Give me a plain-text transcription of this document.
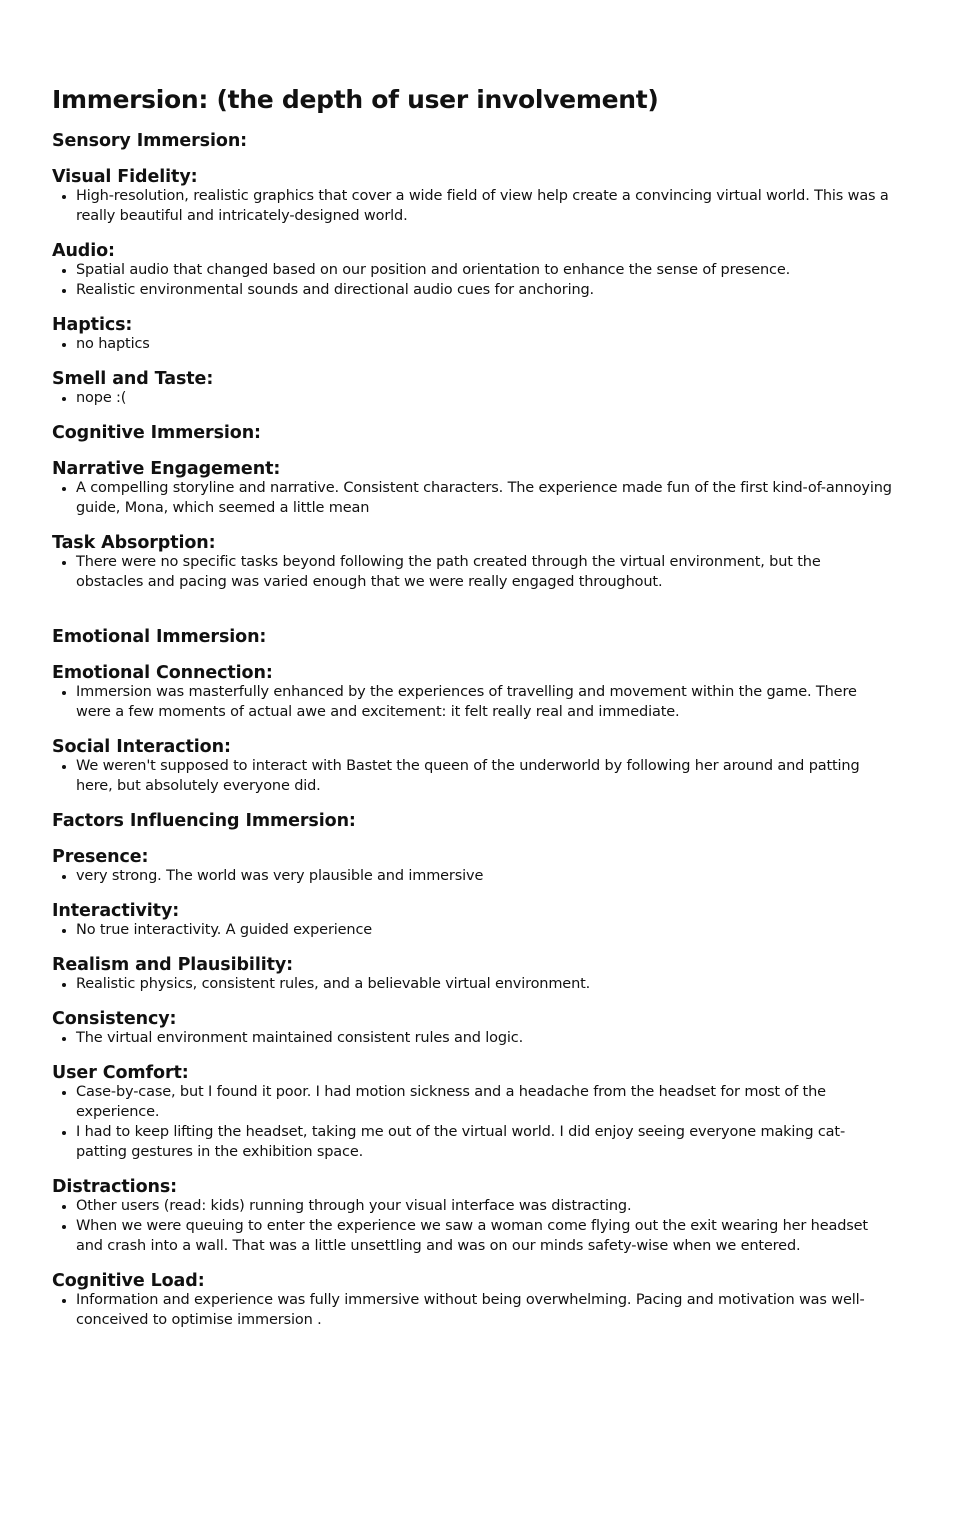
Immersion: (the depth of user involvement)
Sensory Immersion:
Visual Fidelity:
• High-resolution, realistic graphics that cover a wide field of view help create a convincing virtual world. This was a really beautiful and intricately-designed world.
Audio:
• Spatial audio that changed based on our position and orientation to enhance the sense of presence.
• Realistic environmental sounds and directional audio cues for anchoring.
Haptics:
• no haptics
Smell and Taste:
• nope :(
Cognitive Immersion:
Narrative Engagement:
• A compelling storyline and narrative. Consistent characters. The experience made fun of the first kind-of-annoying guide, Mona, which seemed a little mean
Task Absorption:
• There were no specific tasks beyond following the path created through the virtual environment, but the obstacles and pacing was varied enough that we were really engaged throughout.
Emotional Immersion:
Emotional Connection:
• Immersion was masterfully enhanced by the experiences of travelling and movement within the game. There were a few moments of actual awe and excitement: it felt really real and immediate.
Social Interaction:
• We weren't supposed to interact with Bastet the queen of the underworld by following her around and patting here, but absolutely everyone did.
Factors Influencing Immersion:
Presence:
• very strong. The world was very plausible and immersive
Interactivity:
• No true interactivity. A guided experience
Realism and Plausibility:
• Realistic physics, consistent rules, and a believable virtual environment.
Consistency:
• The virtual environment maintained consistent rules and logic.
User Comfort:
• Case-by-case, but I found it poor. I had motion sickness and a headache from the headset for most of the experience.
• I had to keep lifting the headset, taking me out of the virtual world. I did enjoy seeing everyone making cat-patting gestures in the exhibition space.
Distractions:
• Other users (read: kids) running through your visual interface was distracting.
• When we were queuing to enter the experience we saw a woman come flying out the exit wearing her headset and crash into a wall. That was a little unsettling and was on our minds safety-wise when we entered.
Cognitive Load:
• Information and experience was fully immersive without being overwhelming. Pacing and motivation was well-conceived to optimise immersion .
